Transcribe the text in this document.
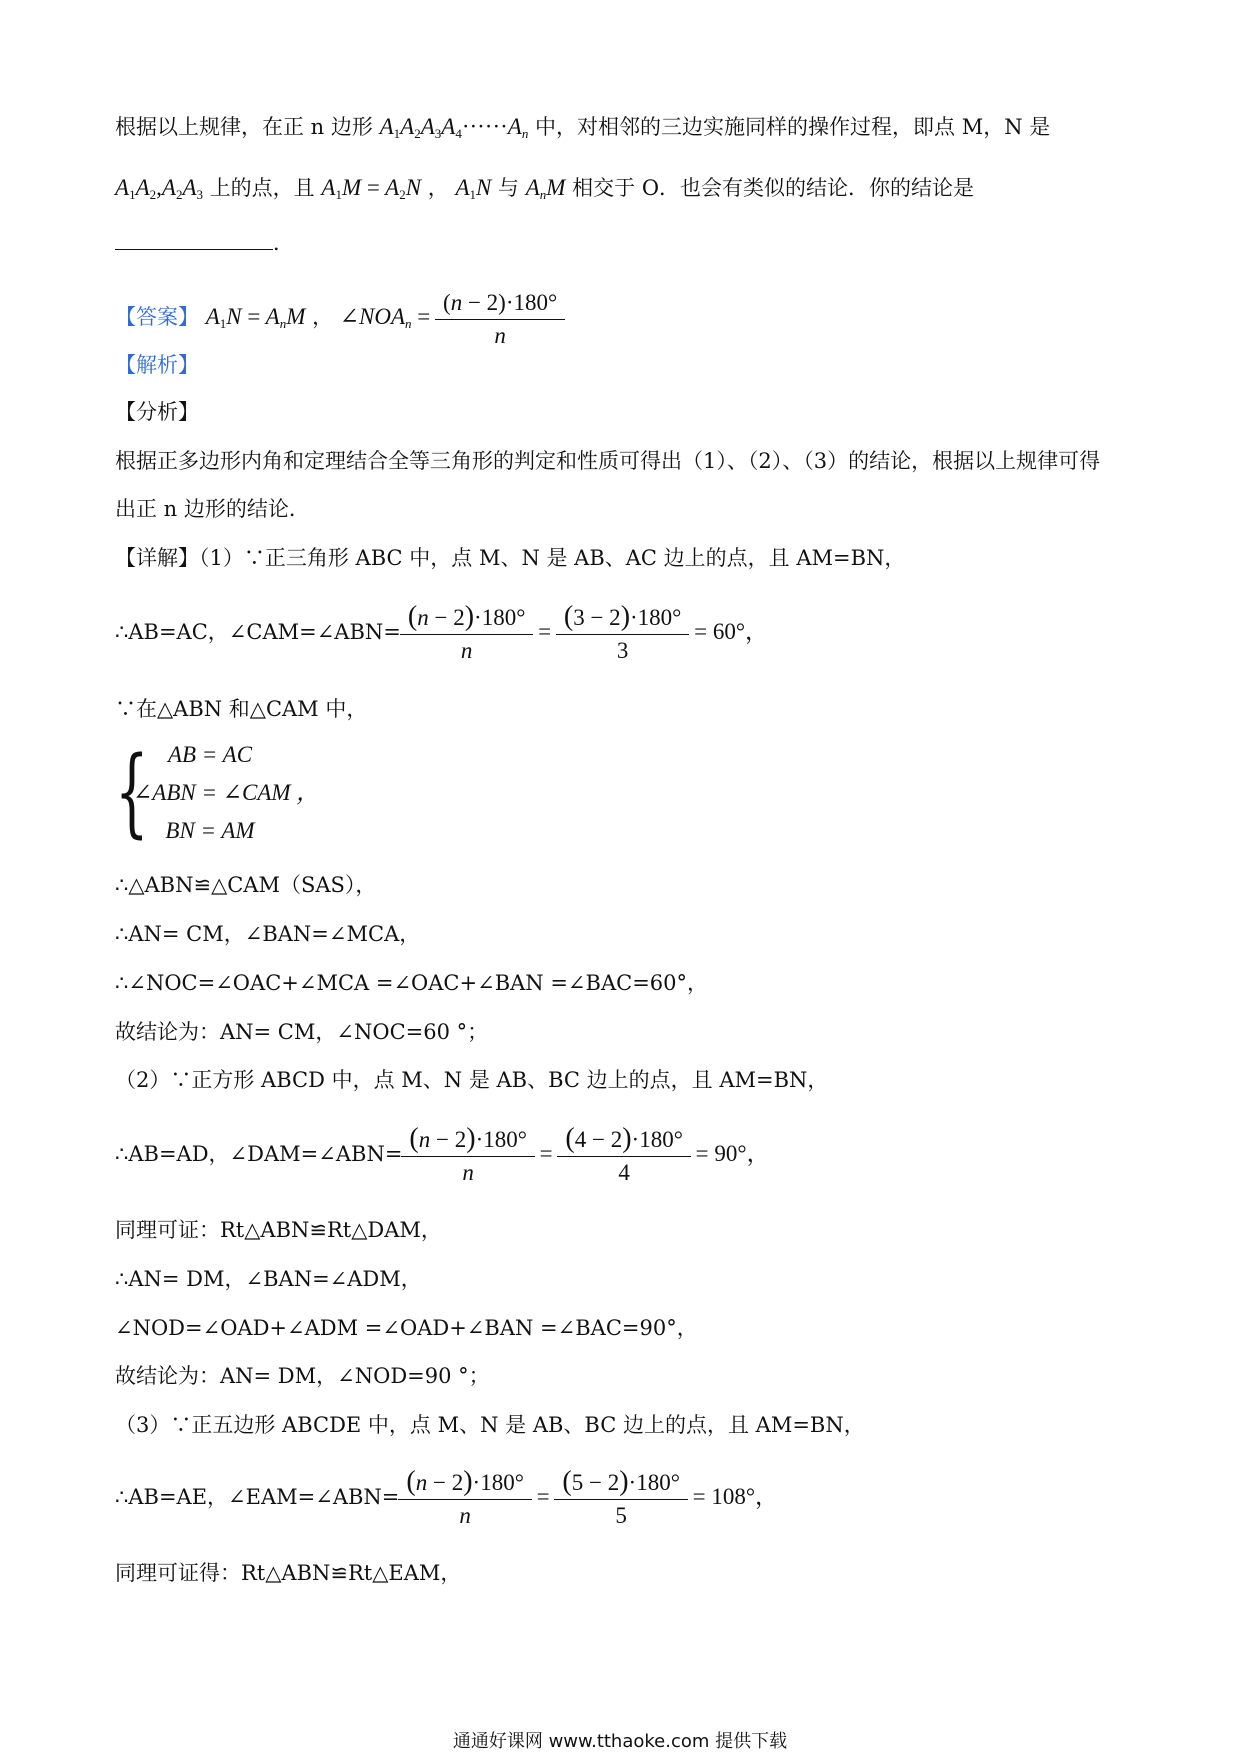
根据以上规律，在正 n 边形 $A_1A_2A_3A_4\cdot\cdot\cdot\cdot\cdot\cdot A_n$ 中，对相邻的三边实施同样的操作过程，即点 M，N 是
$A_1A_2,A_2A_3$ 上的点，且 $A_1M = A_2N$ ， $A_1N$ 与 $A_nM$ 相交于 O．也会有类似的结论．你的结论是
．
【答案】 $A_1N = A_nM$ ， $\angle NOA_n = \frac{(n - 2)\cdot 180^\circ}{n}$
【解析】
【分析】
根据正多边形内角和定理结合全等三角形的判定和性质可得出（1）、（2）、（3）的结论，根据以上规律可得
出正 n 边形的结论．
【详解】（1）∵正三角形 ABC 中，点 M、N 是 AB、AC 边上的点，且 AM=BN，
∴AB=AC，∠CAM=∠ABN= $\frac{(n - 2)\cdot 180^\circ}{n} = \frac{(3 - 2)\cdot 180^\circ}{3} = 60^\circ$，
∵在△ABN 和△CAM 中，
{ AB = AC
∠ABN = ∠CAM ，
BN = AM
∴△ABN≌△CAM（SAS），
∴AN= CM，∠BAN=∠MCA，
∴∠NOC=∠OAC+∠MCA =∠OAC+∠BAN =∠BAC=60°，
故结论为：AN= CM，∠NOC=60 °；
（2）∵正方形 ABCD 中，点 M、N 是 AB、BC 边上的点，且 AM=BN，
∴AB=AD，∠DAM=∠ABN= $\frac{(n - 2)\cdot 180^\circ}{n} = \frac{(4 - 2)\cdot 180^\circ}{4} = 90^\circ$，
同理可证：Rt△ABN≌Rt△DAM，
∴AN= DM，∠BAN=∠ADM，
∠NOD=∠OAD+∠ADM =∠OAD+∠BAN =∠BAC=90°，
故结论为：AN= DM，∠NOD=90 °；
（3）∵正五边形 ABCDE 中，点 M、N 是 AB、BC 边上的点，且 AM=BN，
∴AB=AE，∠EAM=∠ABN= $\frac{(n - 2)\cdot 180^\circ}{n} = \frac{(5 - 2)\cdot 180^\circ}{5} = 108^\circ$，
同理可证得：Rt△ABN≌Rt△EAM，
通通好课网 www.tthaoke.com 提供下载
